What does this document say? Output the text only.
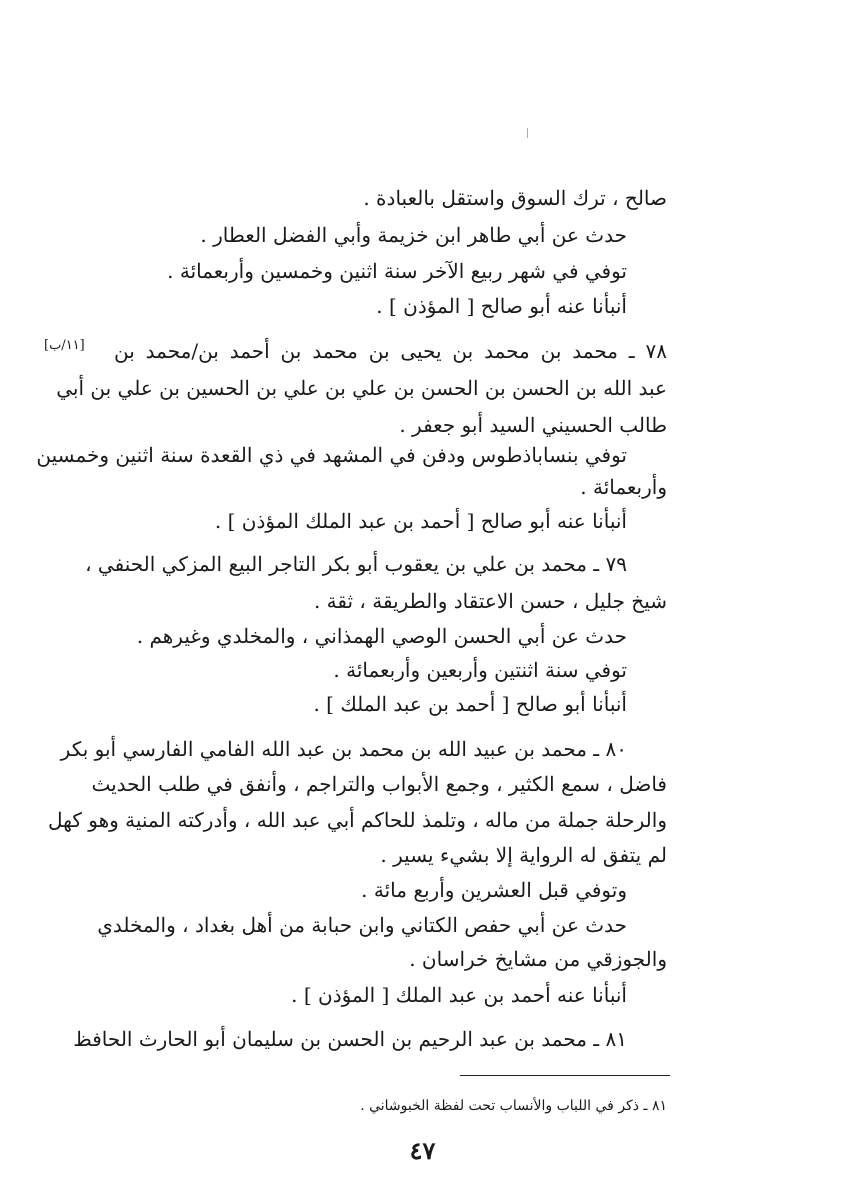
صالح ، ترك السوق واستقل بالعبادة .
حدث عن أبي طاهر ابن خزيمة وأبي الفضل العطار .
توفي في شهر ربيع الآخر سنة اثنين وخمسين وأربعمائة .
أنبأنا عنه أبو صالح [ المؤذن ] .
[١١/ب] ٧٨ ـ محمد بن محمد بن يحيى بن محمد بن أحمد بن/محمد بن
عبد الله بن الحسن بن الحسن بن علي بن علي بن الحسين بن علي بن أبي
طالب الحسيني السيد أبو جعفر .
توفي بنساباذطوس ودفن في المشهد في ذي القعدة سنة اثنين وخمسين
وأربعمائة .
أنبأنا عنه أبو صالح [ أحمد بن عبد الملك المؤذن ] .
٧٩ ـ محمد بن علي بن يعقوب أبو بكر التاجر البيع المزكي الحنفي ،
شيخ جليل ، حسن الاعتقاد والطريقة ، ثقة .
حدث عن أبي الحسن الوصي الهمذاني ، والمخلدي وغيرهم .
توفي سنة اثنتين وأربعين وأربعمائة .
أنبأنا أبو صالح [ أحمد بن عبد الملك ] .
٨٠ ـ محمد بن عبيد الله بن محمد بن عبد الله الفامي الفارسي أبو بكر
فاضل ، سمع الكثير ، وجمع الأبواب والتراجم ، وأنفق في طلب الحديث
والرحلة جملة من ماله ، وتلمذ للحاكم أبي عبد الله ، وأدركته المنية وهو كهل
لم يتفق له الرواية إلا بشيء يسير .
وتوفي قبل العشرين وأربع مائة .
حدث عن أبي حفص الكتاني وابن حبابة من أهل بغداد ، والمخلدي
والجوزقي من مشايخ خراسان .
أنبأنا عنه أحمد بن عبد الملك [ المؤذن ] .
٨١ ـ محمد بن عبد الرحيم بن الحسن بن سليمان أبو الحارث الحافظ
٨١ ـ ذكر في اللباب والأنساب تحت لفظة الخبوشاني .
٤٧
